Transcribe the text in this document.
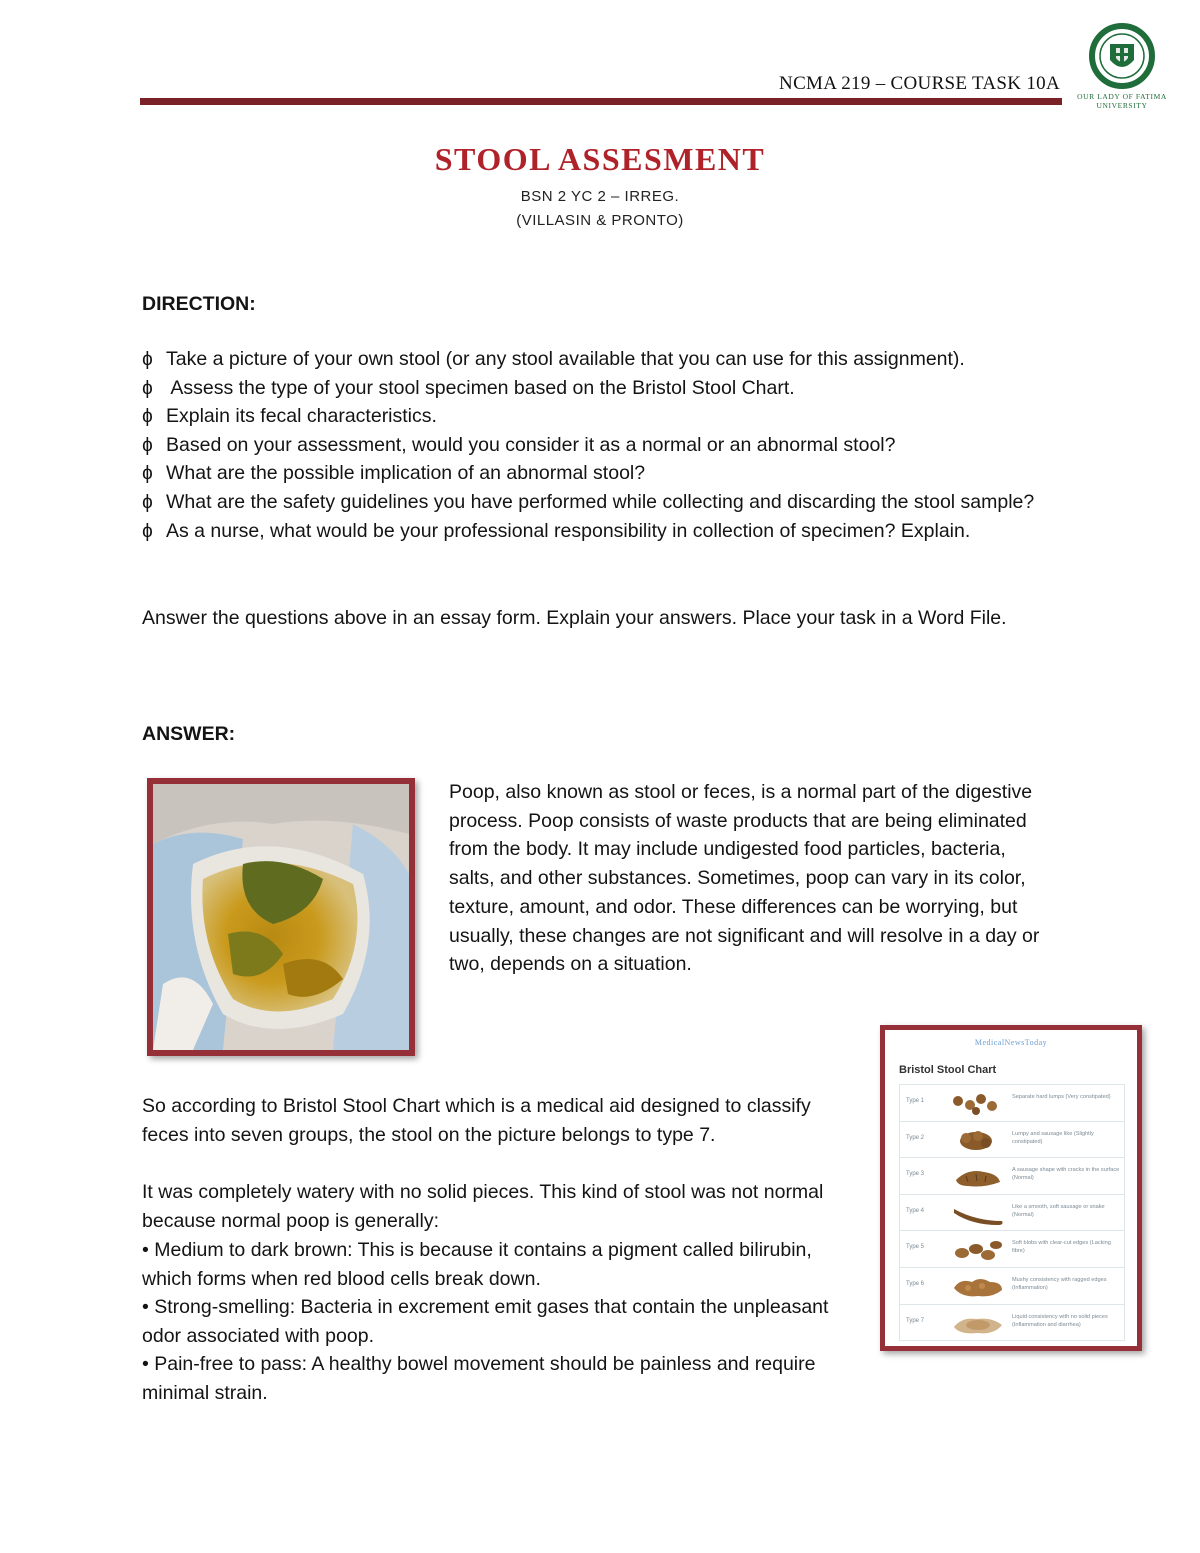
NCMA 219 – COURSE TASK 10A
OUR LADY OF FATIMA UNIVERSITY
STOOL ASSESMENT
BSN 2 YC 2 – IRREG.
(VILLASIN & PRONTO)
DIRECTION:
ɸ Take a picture of your own stool (or any stool available that you can use for this assignment).
ɸ Assess the type of your stool specimen based on the Bristol Stool Chart.
ɸ Explain its fecal characteristics.
ɸ Based on your assessment, would you consider it as a normal or an abnormal stool?
ɸ What are the possible implication of an abnormal stool?
ɸ What are the safety guidelines you have performed while collecting and discarding the stool sample?
ɸ As a nurse, what would be your professional responsibility in collection of specimen? Explain.
Answer the questions above in an essay form. Explain your answers. Place your task in a Word File.
ANSWER:
Poop, also known as stool or feces, is a normal part of the digestive process. Poop consists of waste products that are being eliminated from the body. It may include undigested food particles, bacteria, salts, and other substances. Sometimes, poop can vary in its color, texture, amount, and odor. These differences can be worrying, but usually, these changes are not significant and will resolve in a day or two, depends on a situation.
MedicalNewsToday
Bristol Stool Chart
Type 1
Separate hard lumps (Very constipated)
Type 2
Lumpy and sausage like (Slightly constipated)
Type 3
A sausage shape with cracks in the surface (Normal)
Type 4
Like a smooth, soft sausage or snake (Normal)
Type 5
Soft blobs with clear-cut edges (Lacking fibre)
Type 6
Mushy consistency with ragged edges (Inflammation)
Type 7
Liquid consistency with no solid pieces (Inflammation and diarrhea)
So according to Bristol Stool Chart which is a medical aid designed to classify feces into seven groups, the stool on the picture belongs to type 7.
It was completely watery with no solid pieces. This kind of stool was not normal because normal poop is generally:
• Medium to dark brown: This is because it contains a pigment called bilirubin, which forms when red blood cells break down.
• Strong-smelling: Bacteria in excrement emit gases that contain the unpleasant odor associated with poop.
• Pain-free to pass: A healthy bowel movement should be painless and require minimal strain.
